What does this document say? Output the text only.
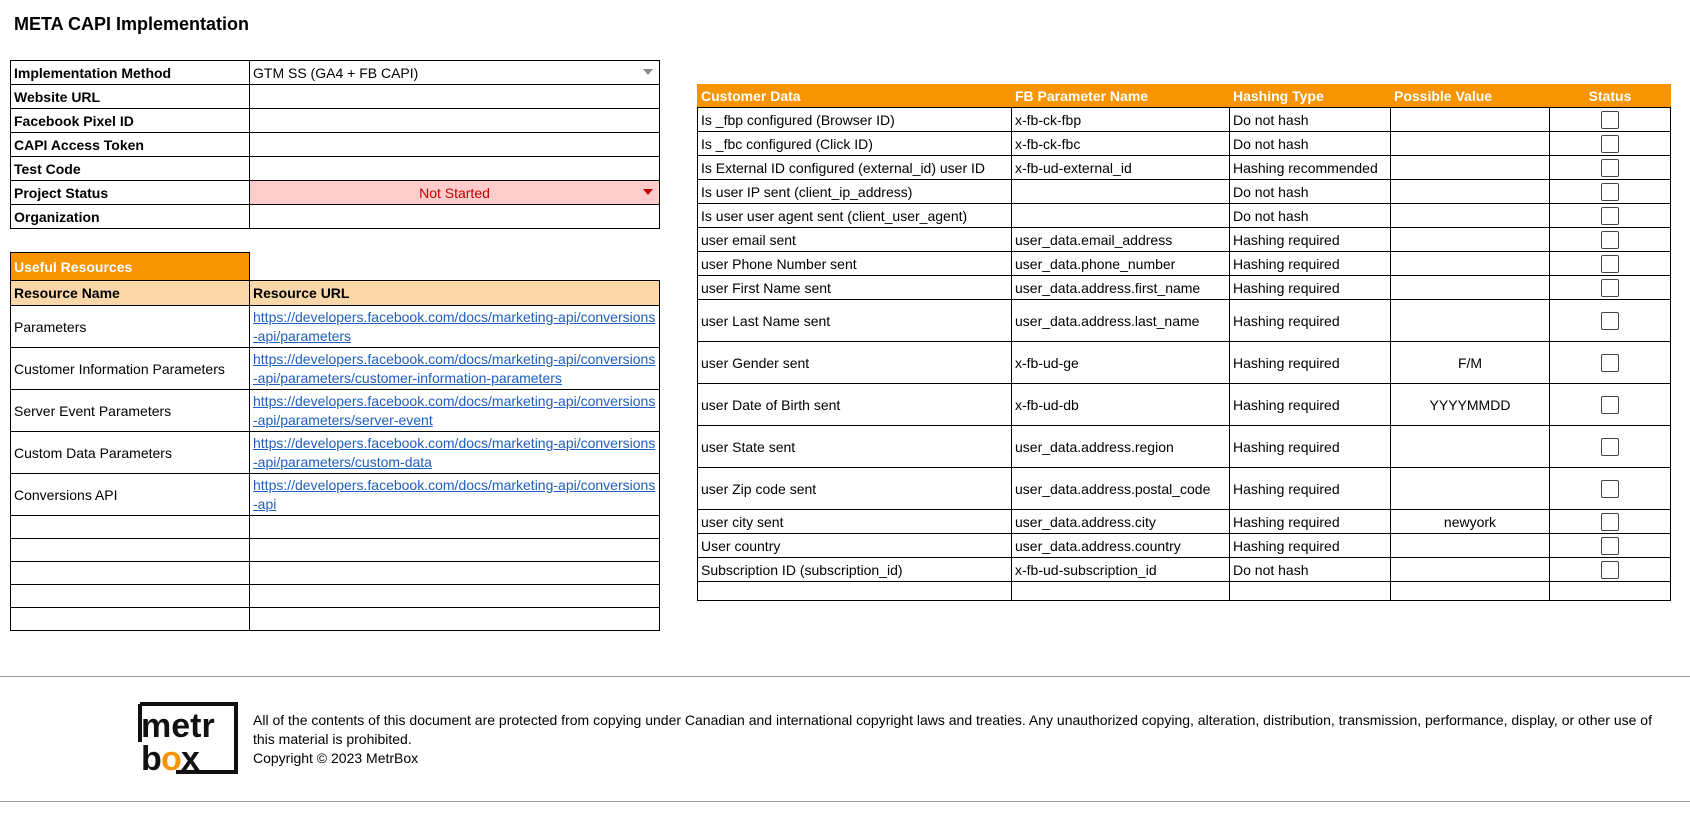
META CAPI Implementation
Implementation Method	GTM SS (GA4 + FB CAPI)

Website URL	
Facebook Pixel ID	
CAPI Access Token	
Test Code	
Project Status	Not Started

Organization	
Useful Resources	
Resource Name	Resource URL
Parameters	https://developers.facebook.com/docs/marketing-api/conversions-api/parameters
Customer Information Parameters	https://developers.facebook.com/docs/marketing-api/conversions-api/parameters/customer-information-parameters
Server Event Parameters	https://developers.facebook.com/docs/marketing-api/conversions-api/parameters/server-event
Custom Data Parameters	https://developers.facebook.com/docs/marketing-api/conversions-api/parameters/custom-data
Conversions API	https://developers.facebook.com/docs/marketing-api/conversions-api

Customer Data	FB Parameter Name	Hashing Type	Possible Value	Status
Is _fbp configured (Browser ID)	x-fb-ck-fbp	Do not hash		
Is _fbc configured (Click ID)	x-fb-ck-fbc	Do not hash		
Is External ID configured (external_id) user ID	x-fb-ud-external_id	Hashing recommended		
Is user IP sent (client_ip_address)		Do not hash		
Is user user agent sent (client_user_agent)		Do not hash		
user email sent	user_data.email_address	Hashing required		
user Phone Number sent	user_data.phone_number	Hashing required		
user First Name sent	user_data.address.first_name	Hashing required		
user Last Name sent	user_data.address.last_name	Hashing required		
user Gender sent	x-fb-ud-ge	Hashing required	F/M	
user Date of Birth sent	x-fb-ud-db	Hashing required	YYYYMMDD	
user State sent	user_data.address.region	Hashing required		
user Zip code sent	user_data.address.postal_code	Hashing required		
user city sent	user_data.address.city	Hashing required	newyork	
User country	user_data.address.country	Hashing required		
Subscription ID (subscription_id)	x-fb-ud-subscription_id	Do not hash		

metr
b o x
All of the contents of this document are protected from copying under Canadian and international copyright laws and treaties. Any unauthorized copying, alteration, distribution, transmission, performance, display, or other use of this material is prohibited.
Copyright © 2023 MetrBox
